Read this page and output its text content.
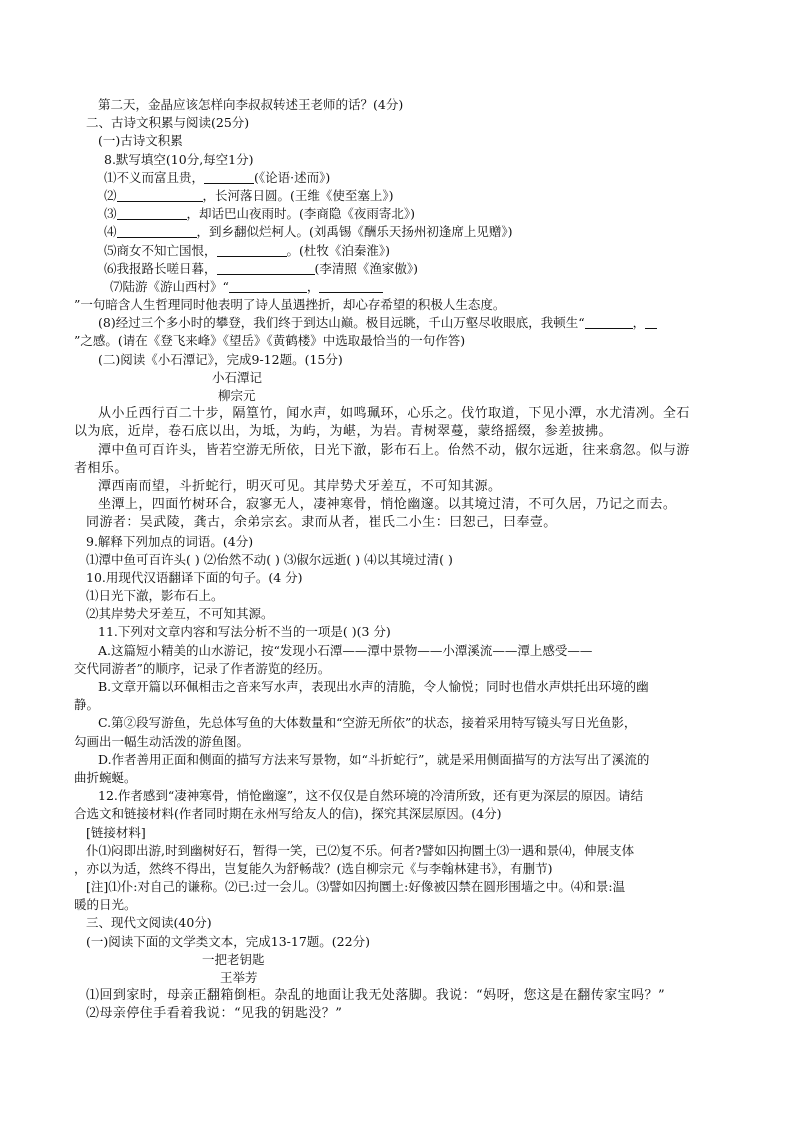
第二天，金晶应该怎样向李叔叔转述王老师的话？(4分)
二、古诗文积累与阅读(25分)
(一)古诗文积累
8.默写填空(10分,每空1分)
⑴不义而富且贵，	(《论语·述而》)
⑵	，长河落日圆。(王维《使至塞上》)
⑶	，却话巴山夜雨时。(李商隐《夜雨寄北》)
⑷	，到乡翻似烂柯人。(刘禹锡《酬乐天扬州初逢席上见赠》)
⑸商女不知亡国恨，	。(杜牧《泊秦淮》)
⑹我报路长嗟日暮，	(李清照《渔家傲》)
⑺陆游《游山西村》“	，
”一句暗含人生哲理同时他表明了诗人虽遇挫折，却心存希望的积极人生态度。
(8)经过三个多小时的攀登，我们终于到达山巅。极目远眺，千山万壑尽收眼底，我顿生“	，
”之感。(请在《登飞来峰》《望岳》《黄鹤楼》中选取最恰当的一句作答)
(二)阅读《小石潭记》，完成9-12题。(15分)
小石潭记
柳宗元
从小丘西行百二十步，隔篁竹，闻水声，如鸣珮环，心乐之。伐竹取道，下见小潭，水尤清冽。全石
以为底，近岸，卷石底以出，为坻，为屿，为嵁，为岩。青树翠蔓，蒙络摇缀，参差披拂。
潭中鱼可百许头，皆若空游无所依，日光下澈，影布石上。佁然不动，俶尔远逝，往来翕忽。似与游
者相乐。
潭西南而望，斗折蛇行，明灭可见。其岸势犬牙差互，不可知其源。
坐潭上，四面竹树环合，寂寥无人，凄神寒骨，悄怆幽邃。以其境过清，不可久居，乃记之而去。
同游者：吴武陵，龚古，余弟宗玄。隶而从者，崔氏二小生：曰恕己，曰奉壹。
9.解释下列加点的词语。(4分)
⑴潭中鱼可百许头( ) ⑵佁然不动( ) ⑶俶尔远逝( ) ⑷以其境过清( )
10.用现代汉语翻译下面的句子。(4 分)
⑴日光下澈，影布石上。
⑵其岸势犬牙差互，不可知其源。
11.下列对文章内容和写法分析不当的一项是( )(3 分)
A.这篇短小精美的山水游记，按“发现小石潭——潭中景物——小潭溪流——潭上感受——
交代同游者”的顺序，记录了作者游览的经历。
B.文章开篇以环佩相击之音来写水声，表现出水声的清脆，令人愉悦；同时也借水声烘托出环境的幽
静。
C.第②段写游鱼，先总体写鱼的大体数量和“空游无所依”的状态，接着采用特写镜头写日光鱼影，
勾画出一幅生动活泼的游鱼图。
D.作者善用正面和侧面的描写方法来写景物，如“斗折蛇行”，就是采用侧面描写的方法写出了溪流的
曲折蜿蜒。
12.作者感到“凄神寒骨，悄怆幽邃”，这不仅仅是自然环境的冷清所致，还有更为深层的原因。请结
合选文和链接材料(作者同时期在永州写给友人的信)，探究其深层原因。(4分)
[链接材料]
仆⑴闷即出游,时到幽树好石，暂得一笑，已⑵复不乐。何者?譬如囚拘圜土⑶一遇和景⑷，伸展支体
，亦以为适，然终不得出，岂复能久为舒畅哉？(选自柳宗元《与李翰林建书》，有删节)
[注]⑴仆:对自己的谦称。⑵已:过一会儿。⑶譬如囚拘圜土:好像被囚禁在圆形围墙之中。⑷和景:温
暖的日光。
三、现代文阅读(40分)
(一)阅读下面的文学类文本，完成13-17题。(22分)
一把老钥匙
王举芳
⑴回到家时，母亲正翻箱倒柜。杂乱的地面让我无处落脚。我说：“妈呀，您这是在翻传家宝吗？”
⑵母亲停住手看着我说：“见我的钥匙没？”
